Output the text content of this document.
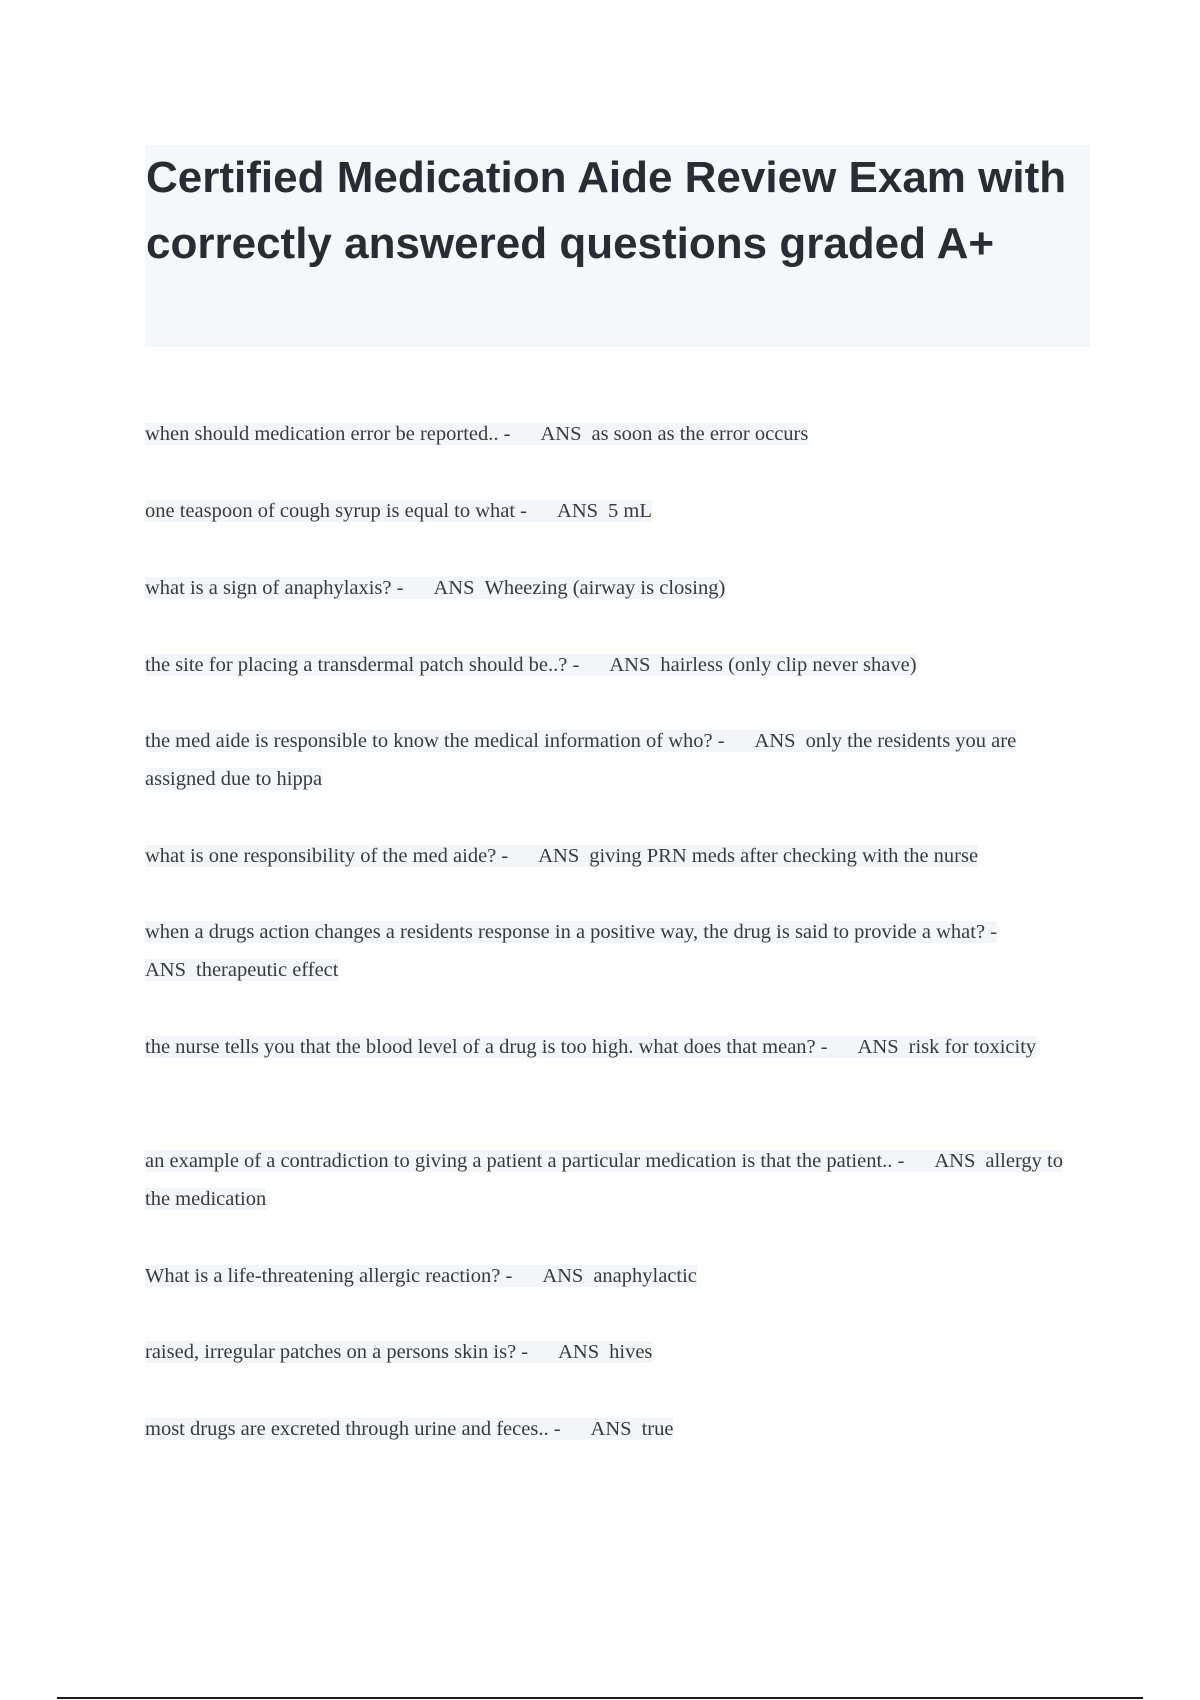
Certified Medication Aide Review Exam with correctly answered questions graded A+

when should medication error be reported.. - ANS as soon as the error occurs

one teaspoon of cough syrup is equal to what - ANS 5 mL

what is a sign of anaphylaxis? - ANS Wheezing (airway is closing)

the site for placing a transdermal patch should be..? - ANS hairless (only clip never shave)

the med aide is responsible to know the medical information of who? - ANS only the residents you are assigned due to hippa

what is one responsibility of the med aide? - ANS giving PRN meds after checking with the nurse

when a drugs action changes a residents response in a positive way, the drug is said to provide a what? -
ANS therapeutic effect

the nurse tells you that the blood level of a drug is too high. what does that mean? - ANS risk for toxicity

an example of a contradiction to giving a patient a particular medication is that the patient.. - ANS allergy to the medication

What is a life-threatening allergic reaction? - ANS anaphylactic

raised, irregular patches on a persons skin is? - ANS hives

most drugs are excreted through urine and feces.. - ANS true
